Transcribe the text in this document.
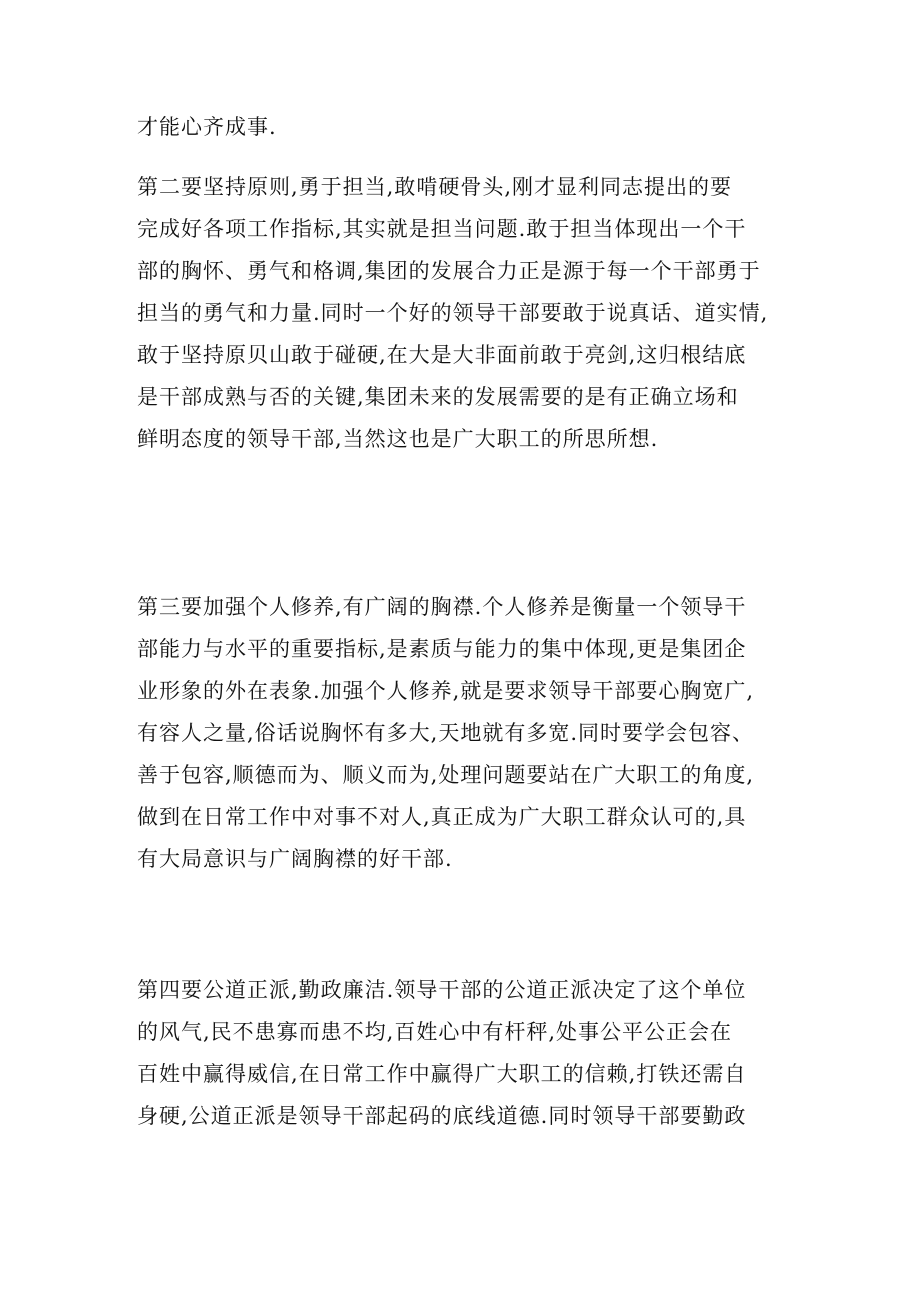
才能心齐成事.
第二要坚持原则,勇于担当,敢啃硬骨头,刚才显利同志提出的要
完成好各项工作指标,其实就是担当问题.敢于担当体现出一个干
部的胸怀、勇气和格调,集团的发展合力正是源于每一个干部勇于
担当的勇气和力量.同时一个好的领导干部要敢于说真话、道实情,
敢于坚持原贝山敢于碰硬,在大是大非面前敢于亮剑,这归根结底
是干部成熟与否的关键,集团未来的发展需要的是有正确立场和
鲜明态度的领导干部,当然这也是广大职工的所思所想.
第三要加强个人修养,有广阔的胸襟.个人修养是衡量一个领导干
部能力与水平的重要指标,是素质与能力的集中体现,更是集团企
业形象的外在表象.加强个人修养,就是要求领导干部要心胸宽广,
有容人之量,俗话说胸怀有多大,天地就有多宽.同时要学会包容、
善于包容,顺德而为、顺义而为,处理问题要站在广大职工的角度,
做到在日常工作中对事不对人,真正成为广大职工群众认可的,具
有大局意识与广阔胸襟的好干部.
第四要公道正派,勤政廉洁.领导干部的公道正派决定了这个单位
的风气,民不患寡而患不均,百姓心中有杆秤,处事公平公正会在
百姓中赢得威信,在日常工作中赢得广大职工的信赖,打铁还需自
身硬,公道正派是领导干部起码的底线道德.同时领导干部要勤政
